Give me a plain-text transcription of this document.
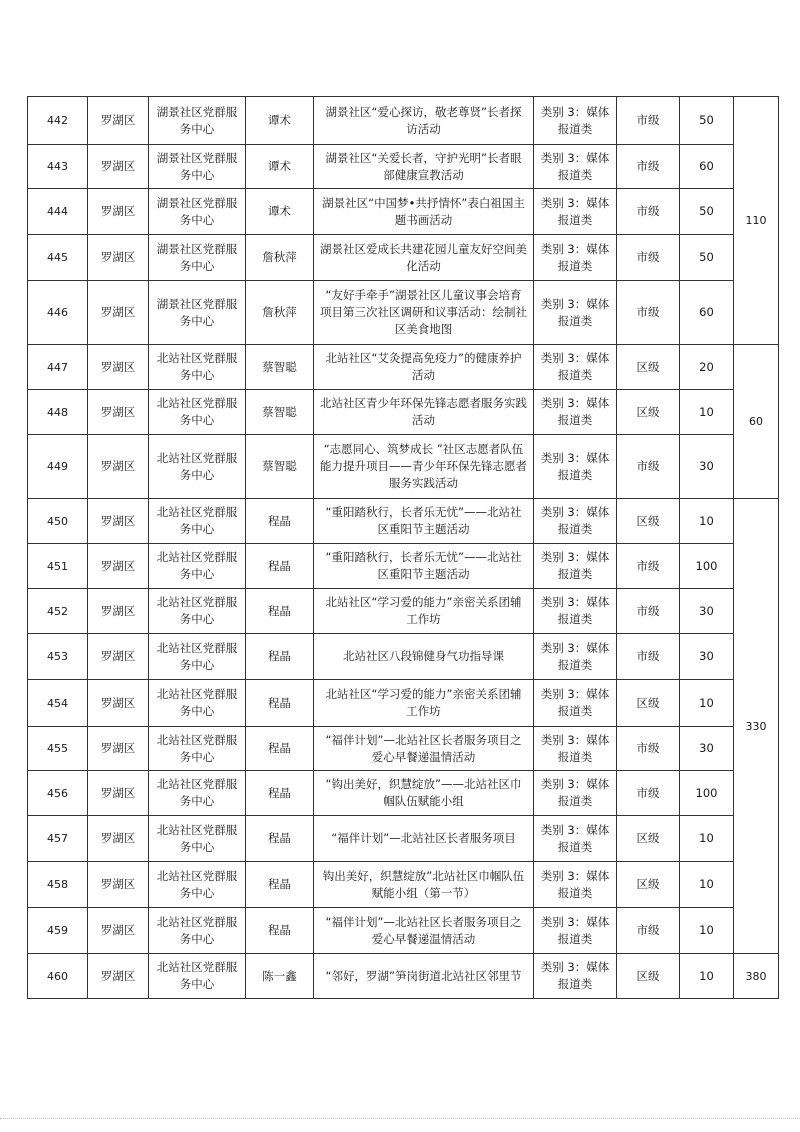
442	罗湖区	湖景社区党群服务中心	谭术	湖景社区“爱心探访，敬老尊贤”长者探访活动	类别 3：媒体报道类	市级	50	110
443	罗湖区	湖景社区党群服务中心	谭术	湖景社区“关爱长者，守护光明”长者眼部健康宣教活动	类别 3：媒体报道类	市级	60	
444	罗湖区	湖景社区党群服务中心	谭术	湖景社区“中国梦•共抒情怀”表白祖国主题书画活动	类别 3：媒体报道类	市级	50	
445	罗湖区	湖景社区党群服务中心	詹秋萍	湖景社区爱成长共建花园儿童友好空间美化活动	类别 3：媒体报道类	市级	50	
446	罗湖区	湖景社区党群服务中心	詹秋萍	“友好手牵手”湖景社区儿童议事会培育项目第三次社区调研和议事活动：绘制社区美食地图	类别 3：媒体报道类	市级	60	
447	罗湖区	北站社区党群服务中心	蔡智聪	北站社区“艾灸提高免疫力”的健康养护活动	类别 3：媒体报道类	区级	20	60
448	罗湖区	北站社区党群服务中心	蔡智聪	北站社区青少年环保先锋志愿者服务实践活动	类别 3：媒体报道类	区级	10	
449	罗湖区	北站社区党群服务中心	蔡智聪	“志愿同心、筑梦成长 ”社区志愿者队伍能力提升项目——青少年环保先锋志愿者服务实践活动	类别 3：媒体报道类	市级	30	
450	罗湖区	北站社区党群服务中心	程晶	“重阳踏秋行，长者乐无忧”——北站社区重阳节主题活动	类别 3：媒体报道类	区级	10	330
451	罗湖区	北站社区党群服务中心	程晶	“重阳踏秋行，长者乐无忧”——北站社区重阳节主题活动	类别 3：媒体报道类	市级	100	
452	罗湖区	北站社区党群服务中心	程晶	北站社区“学习爱的能力”亲密关系团辅工作坊	类别 3：媒体报道类	市级	30	
453	罗湖区	北站社区党群服务中心	程晶	北站社区八段锦健身气功指导课	类别 3：媒体报道类	市级	30	
454	罗湖区	北站社区党群服务中心	程晶	北站社区“学习爱的能力”亲密关系团辅工作坊	类别 3：媒体报道类	区级	10	
455	罗湖区	北站社区党群服务中心	程晶	“福伴计划”—北站社区长者服务项目之爱心早餐递温情活动	类别 3：媒体报道类	市级	30	
456	罗湖区	北站社区党群服务中心	程晶	“钩出美好，织慧绽放”——北站社区巾帼队伍赋能小组	类别 3：媒体报道类	市级	100	
457	罗湖区	北站社区党群服务中心	程晶	“福伴计划”—北站社区长者服务项目	类别 3：媒体报道类	区级	10	
458	罗湖区	北站社区党群服务中心	程晶	钩出美好，织慧绽放”北站社区巾帼队伍赋能小组（第一节）	类别 3：媒体报道类	区级	10	
459	罗湖区	北站社区党群服务中心	程晶	“福伴计划”—北站社区长者服务项目之爱心早餐递温情活动	类别 3：媒体报道类	市级	10	
460	罗湖区	北站社区党群服务中心	陈一鑫	“邻好，罗湖”笋岗街道北站社区邻里节	类别 3：媒体报道类	区级	10	380
